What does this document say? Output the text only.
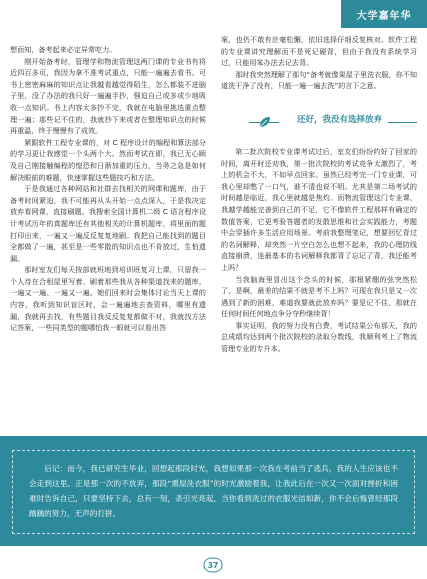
大学嘉年华

想而知，备考起来必定异常吃力。

刚开始备考时，管理学和物流管理这两门课的专业书有将近四百多页，我因为拿不准考试重点，只能一遍遍去看书。可书上密密麻麻的知识点让我越看越觉得陌生，怎么都装不进脑子里，没了办法的我只好一遍遍手抄，强迫自己或多或少地吸收一点知识。书上内容太多抄不完，我就在电脑里挑选重点整理一遍；那些记不住的，我就抄下来或者在整理知识点的时候再重温，终于慢慢有了成效。

紧跟软件工程专业课的，对 C 程序设计的编程和算法部分的学习更让我感觉一个头两个大。然而考试在即，我已无心顾及自己刚接触编程的惶恐和日渐加重的压力，当务之急是如何解决眼前的难题，快速掌握这些题技巧和方法。

于是我通过各种网站和社群去找相关的网课和题库，由于备考时间紧迫，我不可能再从头开始一点点深入，于是我决定放弃看网课，直接刷题。我搜索全国计算机二级 C 语言程序设计考试历年的真题库还有其他相关的计算机题库，将里面的题打印出来，一遍又一遍反反复复地刷。我把自己能找到的题目全都做了一遍，甚至是一些零散的知识点也不肯放过，生怕遗漏。

那时室友们每天按部就班地到培训班复习上课，只留我一个人待在合租屋里写着、刷着那些我从各种渠道找来的题库，一遍又一遍、一遍又一遍。她们回来时会集体讨论当天上课的内容，我听到知识盲区时，会一遍遍地去查资料，哪里有遗漏，我就再去找，有些题目我反反复复都做不对，我就找方法记答案，一些同类型的题哪怕我一眼就可以看出答

案，也仍不敢有丝毫松懈，依旧选择仔细反复核对。软件工程的专业课讲究理解而不是死记硬背，但由于我没有系统学习过，只能用笨办法去记去背。

那时我突然理解了那句“备考就像果屋子里洗衣服，你不知道洗干净了没有，只能一遍一遍去洗”的言下之意。

还好，我没有选择放弃

第二批次院校专业课考试过后，室友们纷纷约好了回家的时间，离开时还劝我，第一批次院校的考试竞争太激烈了，考上的机会不大，不如早点回家。虽然已经考完一门专业课，可我心里却憋了一口气，谁不清也说不明。尤其是第二场考试的时间越是临近，我心里就越是焦灼。而物流管理这门专业课，我越学越能完善到自己的不足，它不像软件工程那样有确定的数值答案，它更考验答题者的发散思维和社会实践能力，考题中会穿插许多生活应用场景。考前我整理笔记，想要回忆背过的名词解释，却突然一片空白怎么也想不起来，我的心理防线直接崩溃，连最基本的名词解释我都背了忘记了背，我还能考上吗？

当我脑海里冒出这个念头的时候，那根紧绷的弦突然松了，是啊，最差的结果不就是考不上吗？可现在我只是又一次遇到了新的困难，难道我要就此放弃吗？要是记不住，那就在任何时间任何地点争分夺秒继续背！

事实证明，我的努力没有白费，考试结果公布那天，我的总成绩均达到两个批次院校的录取分数线，我顺利考上了物流管理专业的专升本。

后记：而今，我已研究生毕业，回想起那段时光，我想如果那一次我在考前当了逃兵，我的人生应该也不会走到这里。正是那一次的不放弃，那段“熏屋洗衣服”的时光激励着我，让我此后在一次又一次面对挫折和困难时告诉自己，只要坚持下去，总有一刻，杀引光亮起，当你看到洗过的衣服光洁如新，你不会后悔曾经那段踽踽的努力，无声的打拼。

37
